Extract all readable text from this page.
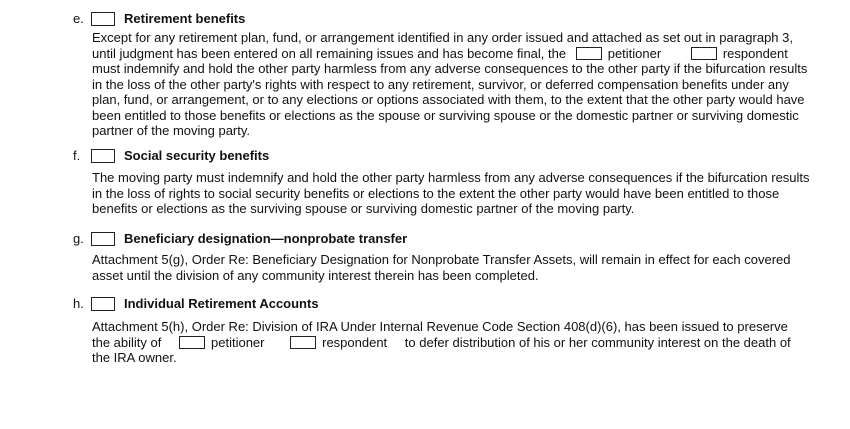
e.	Retirement benefits

Except for any retirement plan, fund, or arrangement identified in any order issued and attached as set out in paragraph 3, until judgment has been entered on all remaining issues and has become final, the	petitioner	respondent must indemnify and hold the other party harmless from any adverse consequences to the other party if the bifurcation results in the loss of the other party's rights with respect to any retirement, survivor, or deferred compensation benefits under any plan, fund, or arrangement, or to any elections or options associated with them, to the extent that the other party would have been entitled to those benefits or elections as the spouse or surviving spouse or the domestic partner or surviving domestic partner of the moving party.

f.	Social security benefits

The moving party must indemnify and hold the other party harmless from any adverse consequences if the bifurcation results in the loss of rights to social security benefits or elections to the extent the other party would have been entitled to those benefits or elections as the surviving spouse or surviving domestic partner of the moving party.

g.	Beneficiary designation—nonprobate transfer

Attachment 5(g), Order Re: Beneficiary Designation for Nonprobate Transfer Assets, will remain in effect for each covered asset until the division of any community interest therein has been completed.

h.	Individual Retirement Accounts

Attachment 5(h), Order Re: Division of IRA Under Internal Revenue Code Section 408(d)(6), has been issued to preserve the ability of	petitioner	respondent to defer distribution of his or her community interest on the death of the IRA owner.
